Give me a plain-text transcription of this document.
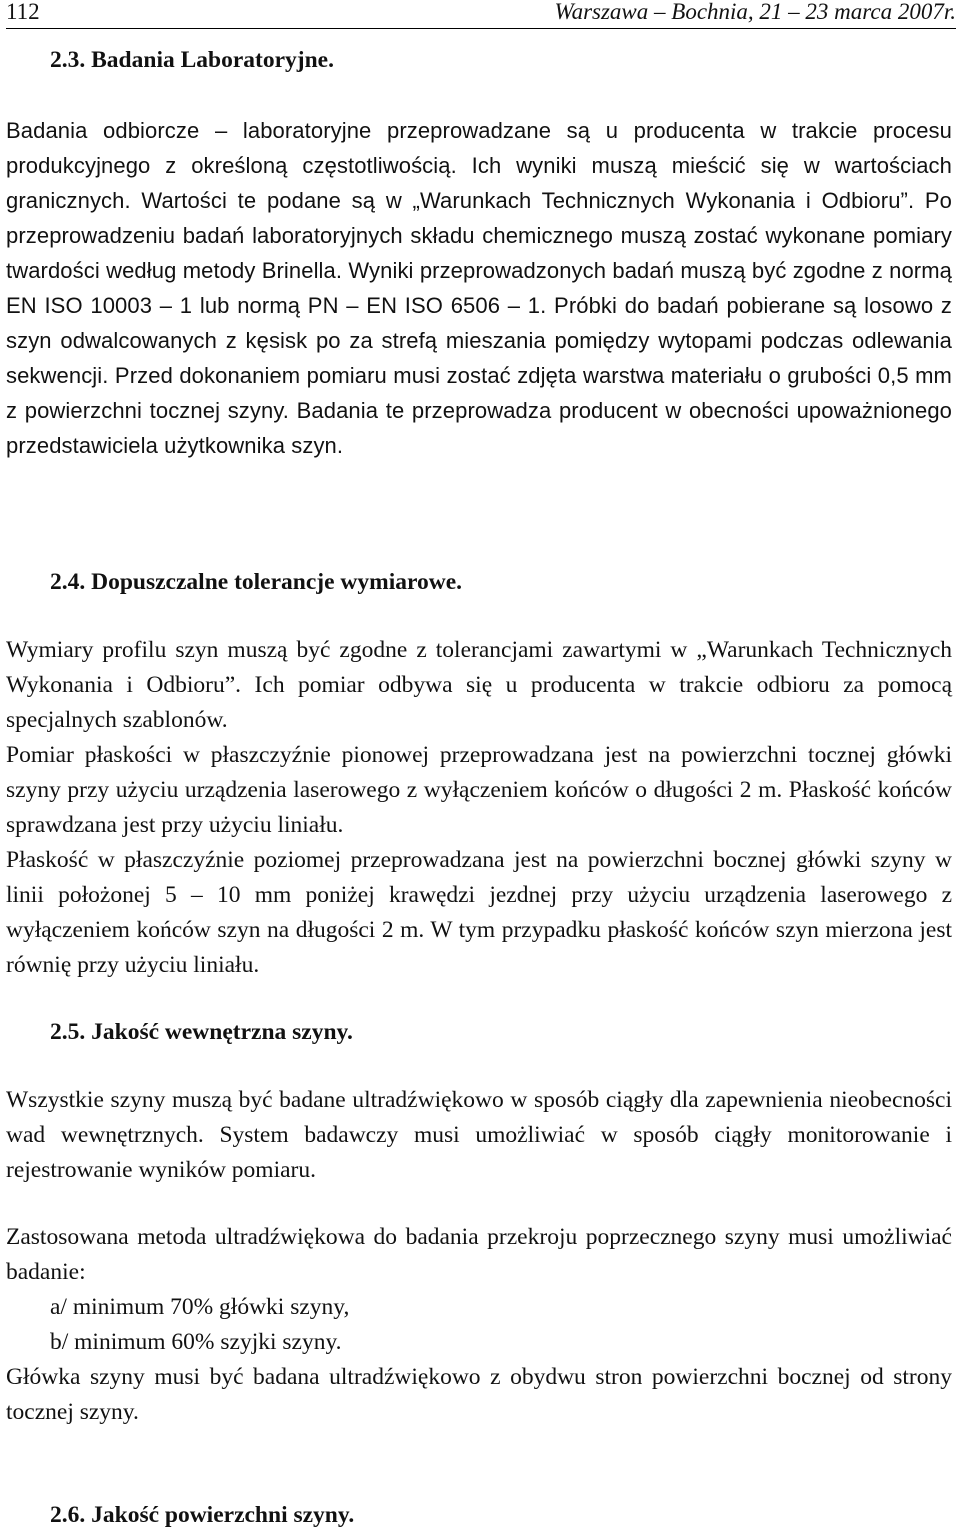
112	Warszawa – Bochnia, 21 – 23 marca 2007r.
2.3. Badania Laboratoryjne.

Badania odbiorcze – laboratoryjne przeprowadzane są u producenta w trakcie procesu produkcyjnego z określoną częstotliwością. Ich wyniki muszą mieścić się w wartościach granicznych. Wartości te podane są w „Warunkach Technicznych Wykonania i Odbioru”. Po przeprowadzeniu badań laboratoryjnych składu chemicznego muszą zostać wykonane pomiary twardości według metody Brinella. Wyniki przeprowadzonych badań muszą być zgodne z normą EN ISO 10003 – 1 lub normą PN – EN ISO 6506 – 1. Próbki do badań pobierane są losowo z szyn odwalcowanych z kęsisk po za strefą mieszania pomiędzy wytopami podczas odlewania sekwencji. Przed dokonaniem pomiaru musi zostać zdjęta warstwa materiału o grubości 0,5 mm z powierzchni tocznej szyny. Badania te przeprowadza producent w obecności upoważnionego przedstawiciela użytkownika szyn.

2.4. Dopuszczalne tolerancje wymiarowe.

Wymiary profilu szyn muszą być zgodne z tolerancjami zawartymi w „Warunkach Technicznych Wykonania i Odbioru”. Ich pomiar odbywa się u producenta w trakcie odbioru za pomocą specjalnych szablonów.

Pomiar płaskości w płaszczyźnie pionowej przeprowadzana jest na powierzchni tocznej główki szyny przy użyciu urządzenia laserowego z wyłączeniem końców o długości 2 m. Płaskość końców sprawdzana jest przy użyciu liniału.

Płaskość w płaszczyźnie poziomej przeprowadzana jest na powierzchni bocznej główki szyny w linii położonej 5 – 10 mm poniżej krawędzi jezdnej przy użyciu urządzenia laserowego z wyłączeniem końców szyn na długości 2 m. W tym przypadku płaskość końców szyn mierzona jest równię przy użyciu liniału.

2.5. Jakość wewnętrzna szyny.

Wszystkie szyny muszą być badane ultradźwiękowo w sposób ciągły dla zapewnienia nieobecności wad wewnętrznych. System badawczy musi umożliwiać w sposób ciągły monitorowanie i rejestrowanie wyników pomiaru.

Zastosowana metoda ultradźwiękowa do badania przekroju poprzecznego szyny musi umożliwiać badanie:

a/ minimum 70% główki szyny,

b/ minimum 60% szyjki szyny.

Główka szyny musi być badana ultradźwiękowo z obydwu stron powierzchni bocznej od strony tocznej szyny.

2.6. Jakość powierzchni szyny.
